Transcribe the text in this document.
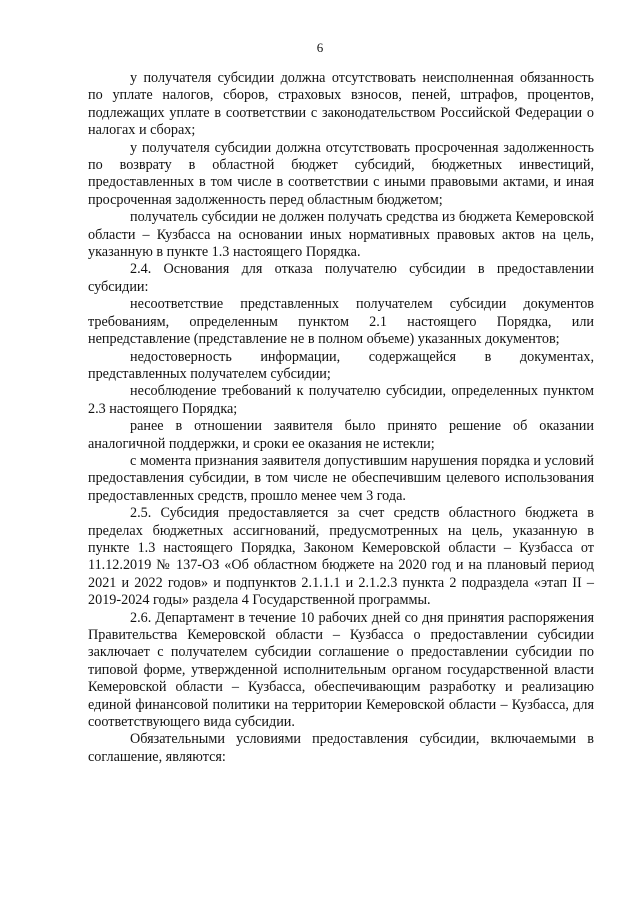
6

у получателя субсидии должна отсутствовать неисполненная обязанность по уплате налогов, сборов, страховых взносов, пеней, штрафов, процентов, подлежащих уплате в соответствии с законодательством Российской Федерации о налогах и сборах;

у получателя субсидии должна отсутствовать просроченная задолженность по возврату в областной бюджет субсидий, бюджетных инвестиций, предоставленных в том числе в соответствии с иными правовыми актами, и иная просроченная задолженность перед областным бюджетом;

получатель субсидии не должен получать средства из бюджета Кемеровской области – Кузбасса на основании иных нормативных правовых актов на цель, указанную в пункте 1.3 настоящего Порядка.

2.4. Основания для отказа получателю субсидии в предоставлении субсидии:

несоответствие представленных получателем субсидии документов требованиям, определенным пунктом 2.1 настоящего Порядка, или непредставление (представление не в полном объеме) указанных документов;

недостоверность информации, содержащейся в документах, представленных получателем субсидии;

несоблюдение требований к получателю субсидии, определенных пунктом 2.3 настоящего Порядка;

ранее в отношении заявителя было принято решение об оказании аналогичной поддержки, и сроки ее оказания не истекли;

с момента признания заявителя допустившим нарушения порядка и условий предоставления субсидии, в том числе не обеспечившим целевого использования предоставленных средств, прошло менее чем 3 года.

2.5. Субсидия предоставляется за счет средств областного бюджета в пределах бюджетных ассигнований, предусмотренных на цель, указанную в пункте 1.3 настоящего Порядка, Законом Кемеровской области – Кузбасса от 11.12.2019 № 137-ОЗ «Об областном бюджете на 2020 год и на плановый период 2021 и 2022 годов» и подпунктов 2.1.1.1 и 2.1.2.3 пункта 2 подраздела «этап II – 2019-2024 годы» раздела 4 Государственной программы.

2.6. Департамент в течение 10 рабочих дней со дня принятия распоряжения Правительства Кемеровской области – Кузбасса о предоставлении субсидии заключает с получателем субсидии соглашение о предоставлении субсидии по типовой форме, утвержденной исполнительным органом государственной власти Кемеровской области – Кузбасса, обеспечивающим разработку и реализацию единой финансовой политики на территории Кемеровской области – Кузбасса, для соответствующего вида субсидии.

Обязательными условиями предоставления субсидии, включаемыми в соглашение, являются:
